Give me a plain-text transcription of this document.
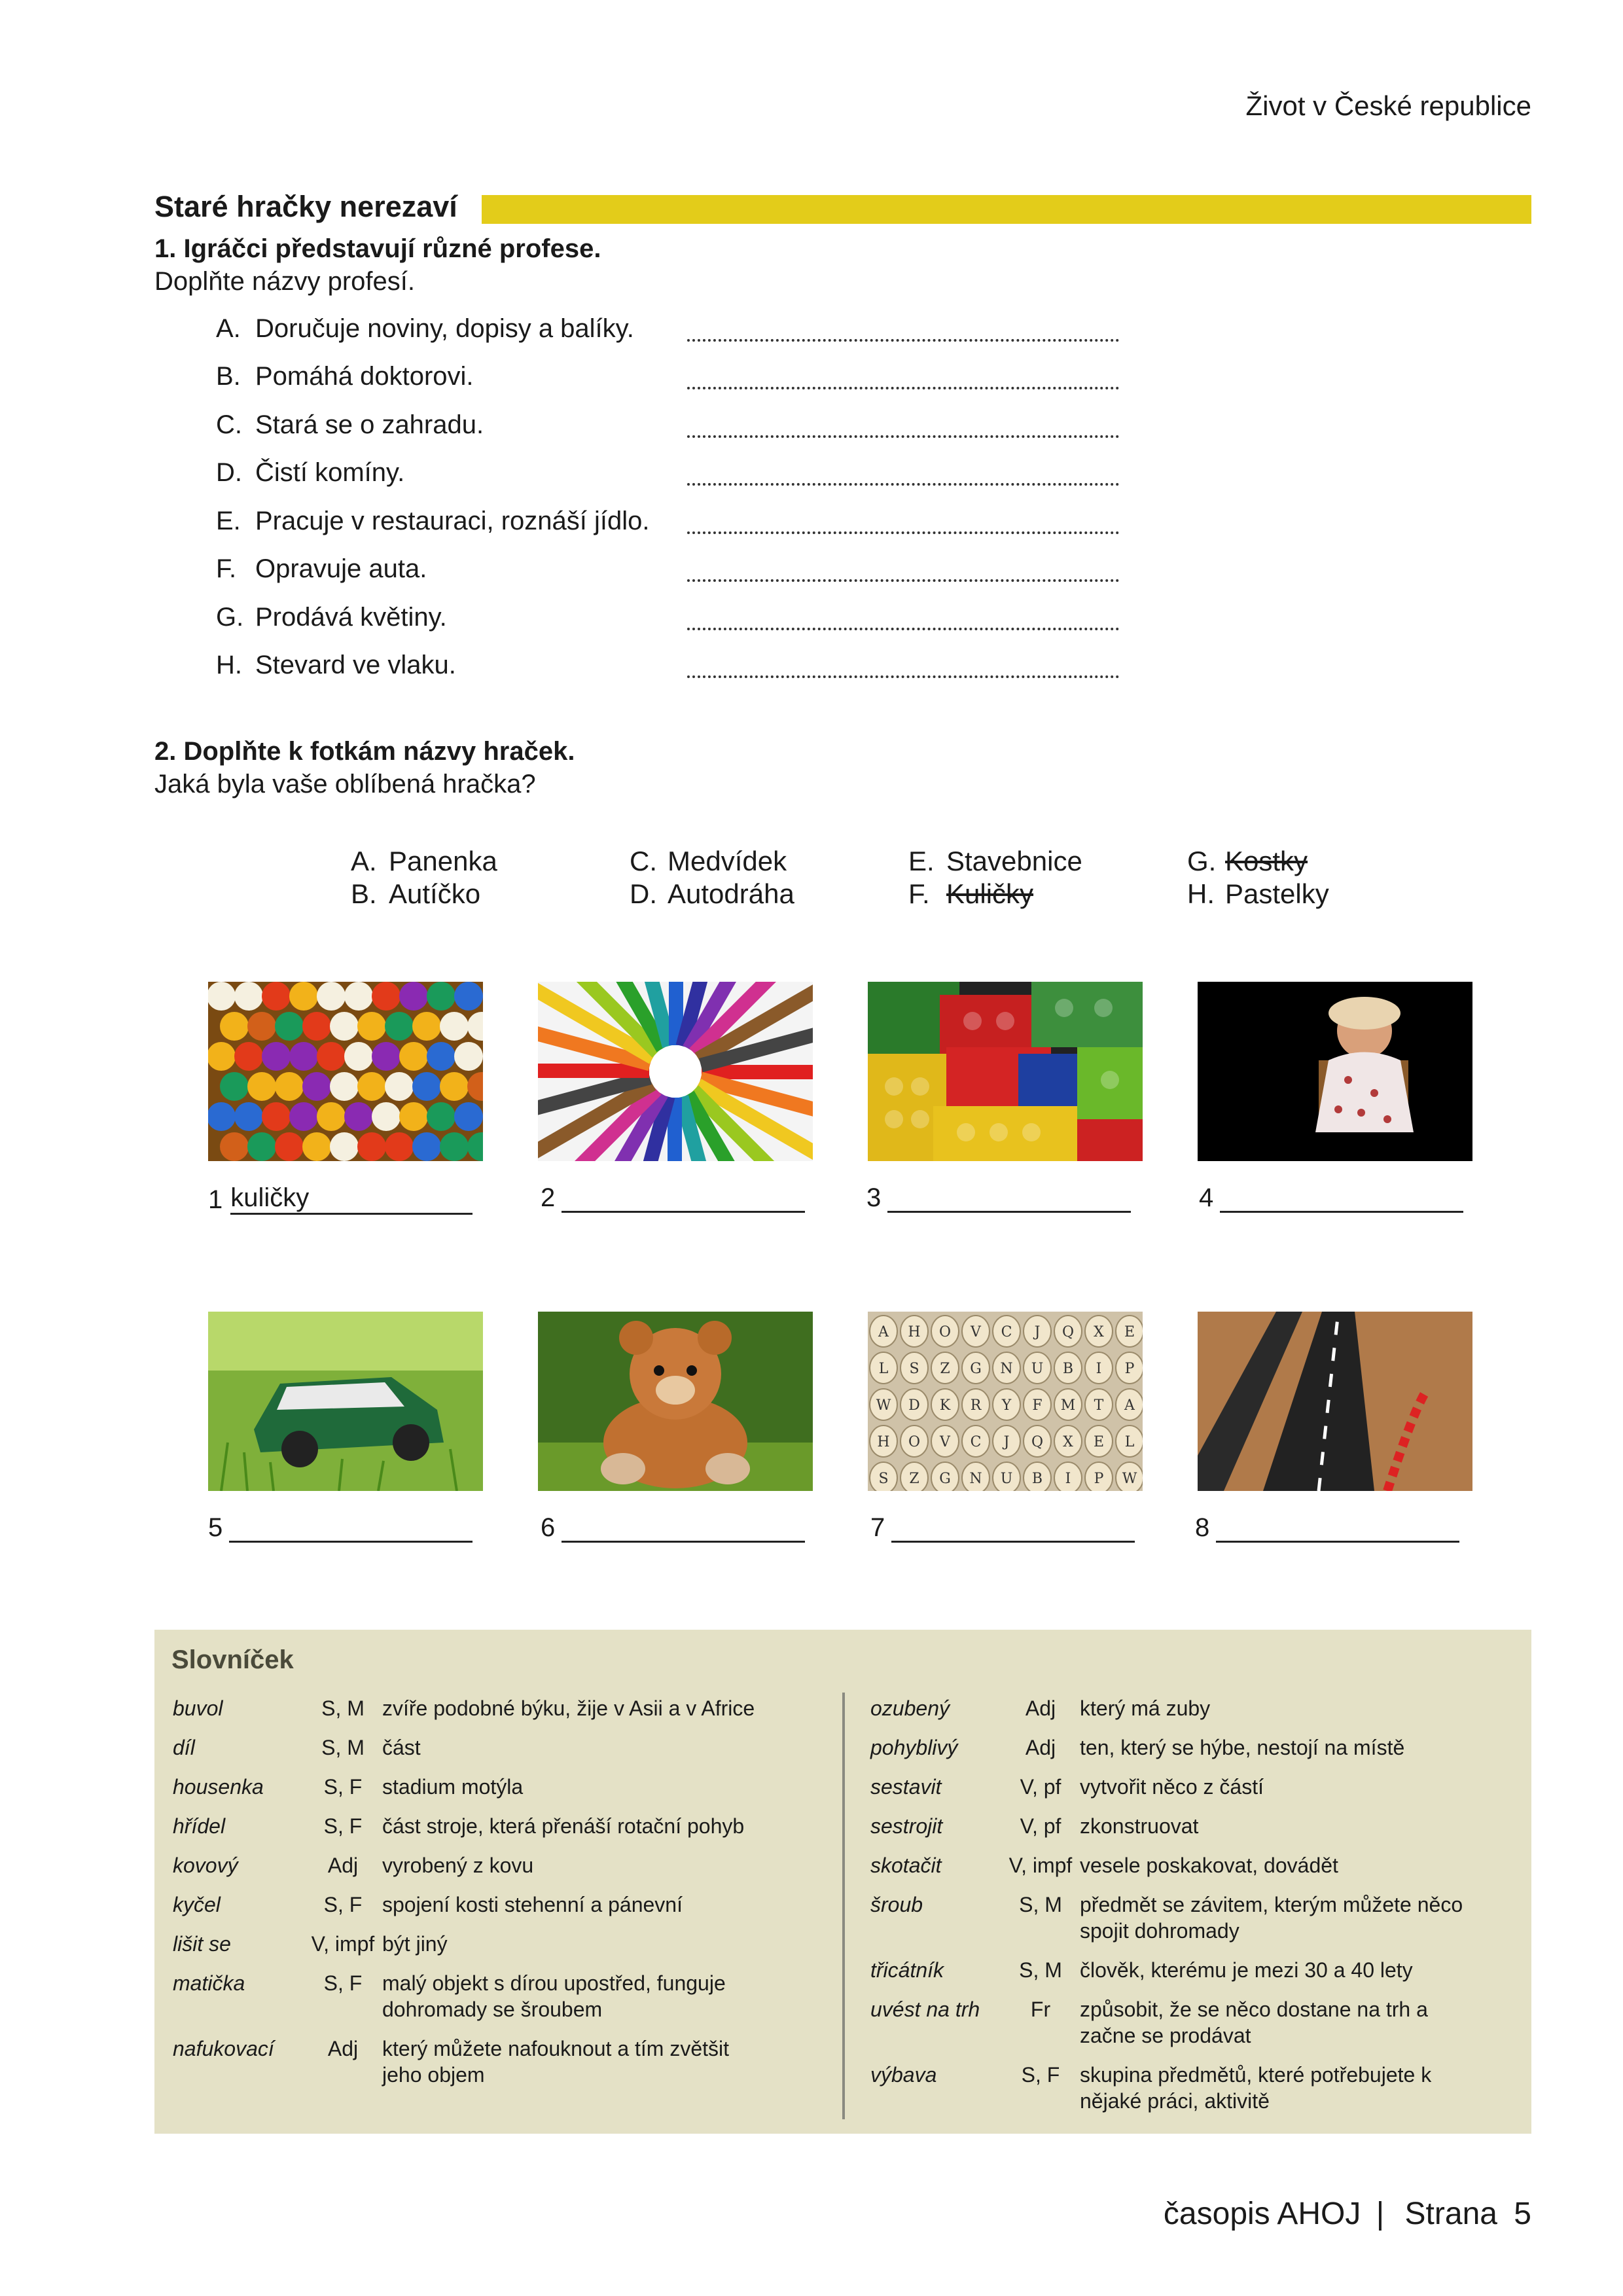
Život v České republice
Staré hračky nerezaví
1. Igráčci představují různé profese.
Doplňte názvy profesí.
A. Doručuje noviny, dopisy a balíky.
B. Pomáhá doktorovi.
C. Stará se o zahradu.
D. Čistí komíny.
E. Pracuje v restauraci, roznáší jídlo.
F. Opravuje auta.
G. Prodává květiny.
H. Stevard ve vlaku.
2. Doplňte k fotkám názvy hraček.
Jaká byla vaše oblíbená hračka?
A. Panenka
B. Autíčko
C. Medvídek
D. Autodráha
E. Stavebnice
F. Kuličky
G. Kostky
H. Pastelky
1 kuličky	2	3	4
A H O V C J Q X E
L S Z G N U B I P
W D K R Y F M T A
H O V C J Q X E L
S Z G N U B I P W
5	6	7	8
Slovníček
buvol	S, M zvíře podobné býku, žije v Asii a v Africe
díl	S, M část
housenka	S, F stadium motýla
hřídel	S, F část stroje, která přenáší rotační pohyb
kovový	Adj	vyrobený z kovu
kyčel	S, F spojení kosti stehenní a pánevní
lišit se	V, impf být jiný
matička	S, F malý objekt s dírou upostřed, funguje dohromady se šroubem
nafukovací	Adj	který můžete nafouknout a tím zvětšit jeho objem
ozubený	Adj	který má zuby
pohyblivý	Adj	ten, který se hýbe, nestojí na místě
sestavit	V, pf vytvořit něco z částí
sestrojit	V, pf zkonstruovat
skotačit	V, impf vesele poskakovat, dovádět
šroub	S, M předmět se závitem, kterým můžete něco spojit dohromady
třicátník	S, M člověk, kterému je mezi 30 a 40 lety
uvést na trh	Fr	způsobit, že se něco dostane na trh a začne se prodávat
výbava	S, F skupina předmětů, které potřebujete k nějaké práci, aktivitě
časopis AHOJ | Strana 5
